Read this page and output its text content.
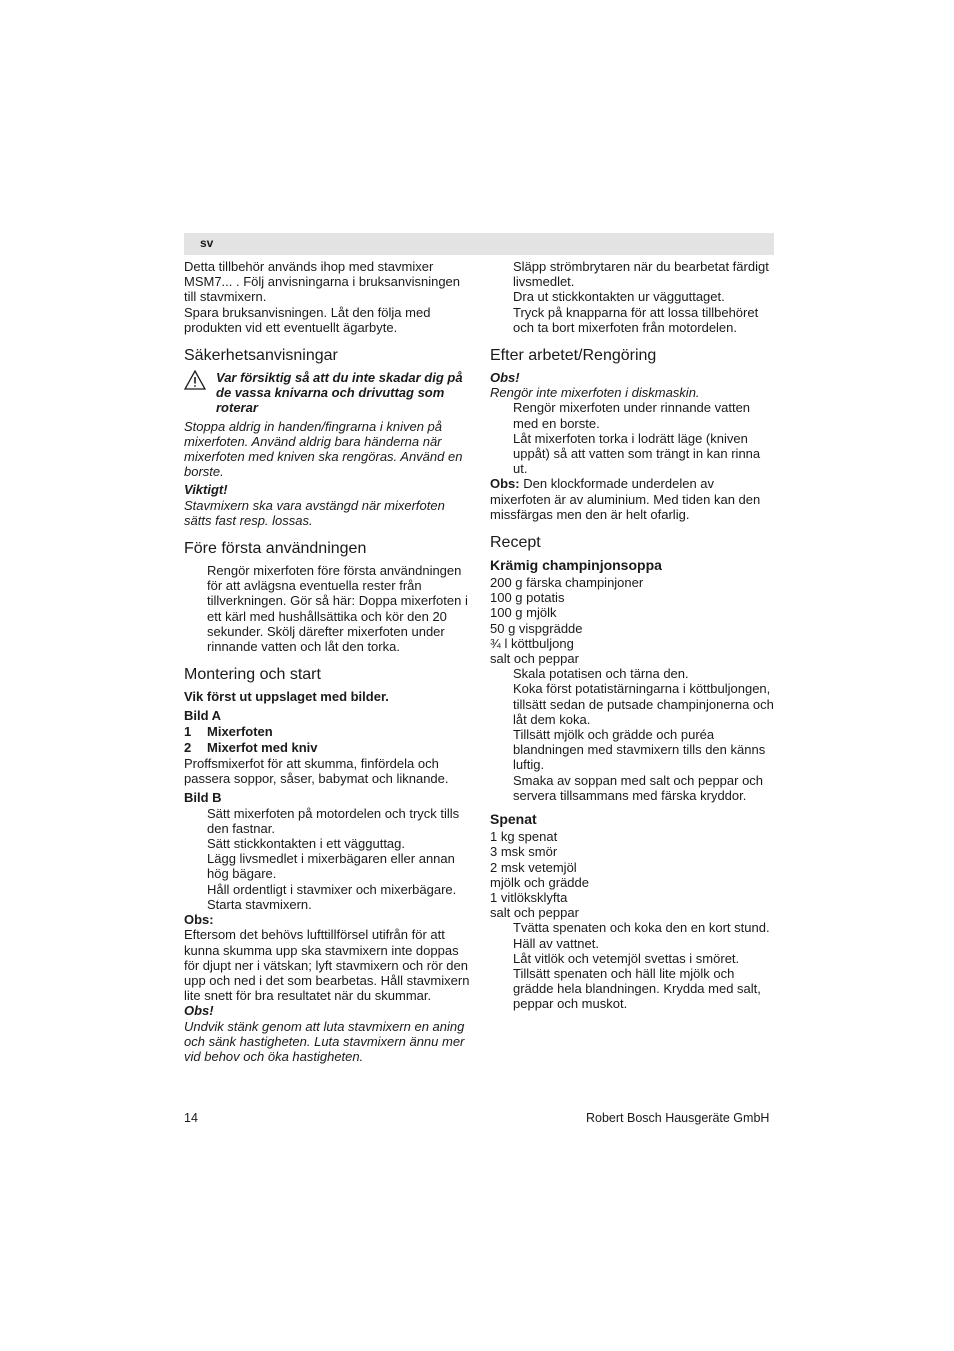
sv

Detta tillbehör används ihop med stavmixer MSM7... . Följ anvisningarna i bruksanvisningen till stavmixern.

Spara bruksanvisningen. Låt den följa med produkten vid ett eventuellt ägarbyte.

Säkerhetsanvisningar
Var försiktig så att du inte skadar dig på de vassa knivarna och drivuttag som roterar

Stoppa aldrig in handen/fingrarna i kniven på mixerfoten. Använd aldrig bara händerna när mixerfoten med kniven ska rengöras. Använd en borste.

Viktigt!

Stavmixern ska vara avstängd när mixerfoten sätts fast resp. lossas.

Före första användningen

Rengör mixerfoten före första användningen för att avlägsna eventuella rester från tillverkningen. Gör så här: Doppa mixerfoten i ett kärl med hushållsättika och kör den 20 sekunder. Skölj därefter mixerfoten under rinnande vatten och låt den torka.

Montering och start

Vik först ut uppslaget med bilder.

Bild A

1	Mixerfoten
2	Mixerfot med kniv

Proffsmixerfot för att skumma, finfördela och passera soppor, såser, babymat och liknande.

Bild B

Sätt mixerfoten på motordelen och tryck tills den fastnar.

Sätt stickkontakten i ett vägguttag.

Lägg livsmedlet i mixerbägaren eller annan hög bägare.

Håll ordentligt i stavmixer och mixerbägare.

Starta stavmixern.

Obs:

Eftersom det behövs lufttillförsel utifrån för att kunna skumma upp ska stavmixern inte doppas för djupt ner i vätskan; lyft stavmixern och rör den upp och ned i det som bearbetas. Håll stavmixern lite snett för bra resultatet när du skummar.

Obs!

Undvik stänk genom att luta stavmixern en aning och sänk hastigheten. Luta stavmixern ännu mer vid behov och öka hastigheten.

Släpp strömbrytaren när du bearbetat färdigt livsmedlet.

Dra ut stickkontakten ur vägguttaget.

Tryck på knapparna för att lossa tillbehöret och ta bort mixerfoten från motordelen.

Efter arbetet/Rengöring

Obs!

Rengör inte mixerfoten i diskmaskin.

Rengör mixerfoten under rinnande vatten med en borste.

Låt mixerfoten torka i lodrätt läge (kniven uppåt) så att vatten som trängt in kan rinna ut.

Obs: Den klockformade underdelen av mixerfoten är av aluminium. Med tiden kan den missfärgas men den är helt ofarlig.

Recept
Krämig champinjonsoppa

200 g färska champinjoner

100 g potatis

100 g mjölk

50 g vispgrädde

¾ l köttbuljong

salt och peppar

Skala potatisen och tärna den.

Koka först potatistärningarna i köttbuljongen, tillsätt sedan de putsade champinjonerna och låt dem koka.

Tillsätt mjölk och grädde och puréa blandningen med stavmixern tills den känns luftig.

Smaka av soppan med salt och peppar och servera tillsammans med färska kryddor.

Spenat

1 kg spenat

3 msk smör

2 msk vetemjöl

mjölk och grädde

1 vitlöksklyfta

salt och peppar

Tvätta spenaten och koka den en kort stund. Häll av vattnet.

Låt vitlök och vetemjöl svettas i smöret.

Tillsätt spenaten och häll lite mjölk och grädde hela blandningen. Krydda med salt, peppar och muskot.

14	Robert Bosch Hausgeräte GmbH
